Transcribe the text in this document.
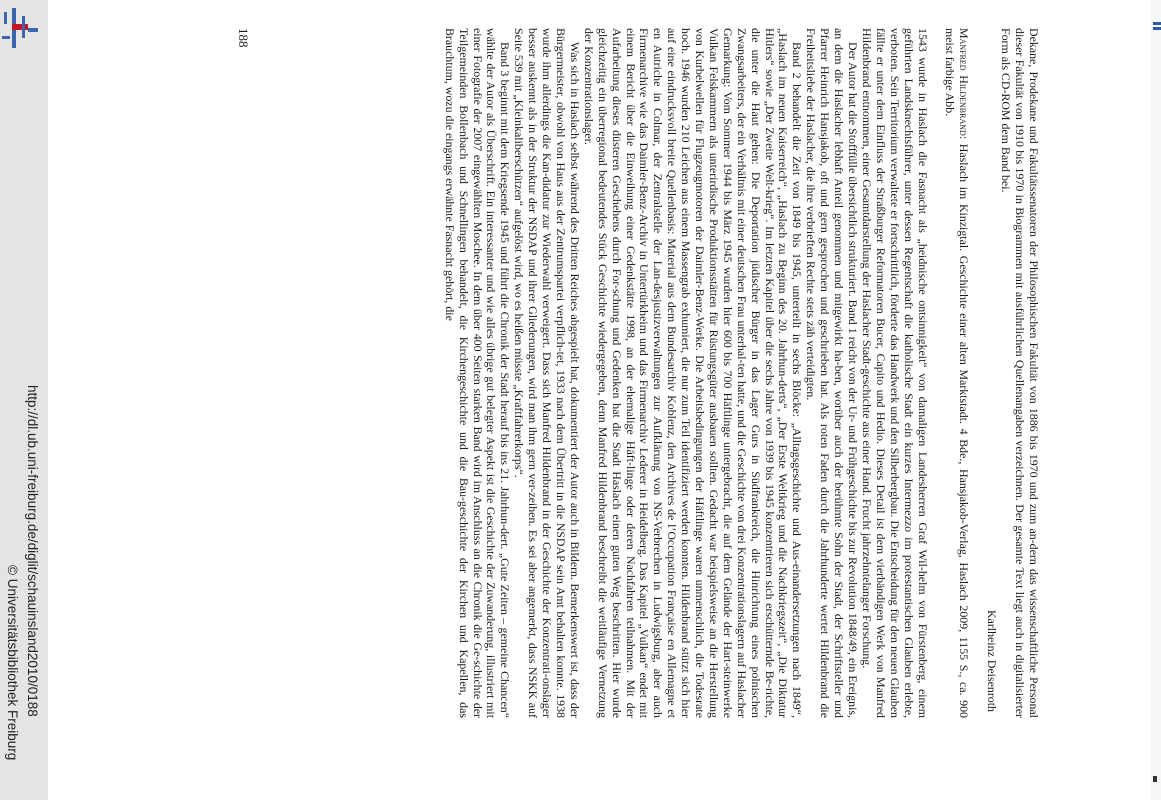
http://dl.ub.uni-freiburg.de/diglit/schauinsland2010/0188
© Universitätsbibliothek Freiburg	Dekane, Prodekane und Fakultätssenatoren der Philosophischen Fakultät von 1886 bis 1970 und zum an-dern das wissenschaftliche Personal dieser Fakultät von 1910 bis 1970 in Biogrammen mit ausführlichen Quellenangaben verzeichnen. Der gesamte Text liegt auch in digitalisierter Form als CD-ROM dem Band bei.

Karlheinz Deisenroth

Manfred Hildenbrand: Haslach im Kinzigtal. Geschichte einer alten Marktstadt. 4 Bde., Hansjakob-Verlag, Haslach 2009, 1155 S., ca. 900 meist farbige Abb.

1543 wurde in Haslach die Fasnacht als „heidnische ontsinnigkeit“ von damaligen Landesherren Graf Wil-helm von Fürstenberg, einem geführten Landsknechtsführer, unter dessen Regentschaft die katholische Stadt ein kurzes Intermezzo im protestantischen Glauben erlebte, verboten. Sein Territorium verwaltete er fortschrittlich, förderte das Handwerk und den Silberbergbau. Die Entscheidung für den neuen Glauben fällte er unter dem Einfluss der Straßburger Reformatoren Bucer, Capito und Hedio. Dieses Detail ist dem vierbändigen Werk von Manfred Hildenbrand entnommen, einer Gesamtdarstellung der Haslacher Stadt-geschichte aus einer Hand. Frucht jahrzehntelanger Forschung.

Der Autor hat die Stofffülle übersichtlich strukturiert. Band 1 reicht von der Ur- und Frühgeschichte bis zur Revolution 1848/49, ein Ereignis, an dem die Haslacher lebhaft Anteil genommen und mitgewirkt ha-ben, worüber auch der berühmte Sohn der Stadt, der Schriftsteller und Pfarrer Heinrich Hansjakob, oft und gern gesprochen und geschrieben hat. Als roten Faden durch die Jahrhunderte wertet Hildenbrand die Freiheitsliebe der Haslacher, die ihre verbrieften Rechte stets zäh verteidigten.

Band 2 behandelt die Zeit von 1849 bis 1945, unterteilt in sechs Blöcke: „Alltagsgeschichte und Aus-einandersetzungen nach 1849“, „Haslach im neuen Kaiserreich“, „Haslach zu Beginn des 20. Jahrhun-derts“, „Der Erste Weltkrieg und die Nachkriegszeit“, „Die Diktatur Hitlers“ sowie „Der Zweite Welt-krieg“. Im letzten Kapitel über die sechs Jahre von 1939 bis 1945 konzentrieren sich erschütternde Be-richte, die unter die Haut gehen: Die Deportation jüdischer Bürger in das Lager Gurs in Südfrankreich, die Hinrichtung eines polnischen Zwangsarbeiters, der ein Verhältnis mit einer deutschen Frau unterhal-ten hatte, und die Geschichte von drei Konzentrationslagern auf Haslacher Gemarkung: Vom Sommer 1944 bis März 1945 wurden hier 600 bis 700 Häftlinge untergebracht, die auf dem Gelände der Hart-steinwerke Vulkan Felskammern als unterirdische Produktionsstätten für Rüstungsgüter ausbauen sollten. Gedacht war beispielsweise an die Herstellung von Kurbelwellen für Flugzeugmotoren der Daimler-Benz-Werke. Die Arbeitsbedingungen der Häftlinge waren unmenschlich, die Todesrate hoch. 1946 wurden 210 Leichen aus einem Massengrab exhumiert, die nur zum Teil identifiziert werden konnten. Hildenbrand stützt sich hier auf eine eindrucksvoll breite Quellenbasis: Material aus dem Bundesarchiv Koblenz, den Archives de l’Occupation Française en Allemagne et en Autriche in Colmar, der Zentralstelle der Lan-desjustizverwaltungen zur Aufklärung von NS-Verbrechen in Ludwigsburg, aber auch Firmenarchive wie das Daimler-Benz-Archiv in Untertürkheim und das Firmenarchiv Lederer in Heidelberg. Das Kapitel „Vulkan“ endet mit einem Bericht über die Einweihung einer Gedenkstätte 1998, an der ehemalige Häft-linge oder deren Nachfahren teilnahmen. Mit der Aufarbeitung dieses düsteren Geschehens durch For-schung und Gedenken hat die Stadt Haslach einen guten Weg beschritten. Hier wurde gleichzeitig ein überregional bedeutendes Stück Geschichte wiedergegeben, denn Manfred Hildenbrand beschreibt die weitläufige Vernetzung der Konzentrationslager.

Was sich in Haslach selbst während des Dritten Reiches abgespielt hat, dokumentiert der Autor auch in Bildern. Bemerkenswert ist, dass der Bürgermeister, obwohl von Haus aus der Zentrumspartei verpflich-tet, 1933 nach dem Übertritt in die NSDAP sein Amt behalten konnte. 1938 wurde ihm allerdings die Kan-didatur zur Wiederwahl verweigert. Dass sich Manfred Hildenbrand in der Geschichte der Konzentrati-onslager besser auskennt als in der Struktur der NSDAP und ihrer Gliederungen, wird man ihm gern ver-zeihen. Es sei aber angemerkt, dass NSKK auf Seite 539 mit „Kleinkaliberschützen“ aufgelöst wird, wo es heißen müsste „Kraftfahrerkorps“.

Band 3 beginnt mit dem Kriegsende 1945 und führt die Chronik der Stadt herauf bis ins 21. Jahrhun-dert. „Gute Zeiten – gemeine Chancen“ wählte der Autor als Überschrift. Ein interessanter und wie alles übrige gut belegter Aspekt ist die Geschichte der Zuwanderung, illustriert mit einer Fotografie der 2007 eingewählten Moschee. In dem über 400 Seiten starken Band wird im Anschluss an die Chronik die Ge-schichte der Teilgemeinden Bollenbach und Schnellingen behandelt, die Kirchengeschichte und die Bau-geschichte der Kirchen und Kapellen, das Brauchtum, wozu die eingangs erwähnte Fasnacht gehört, die

188
